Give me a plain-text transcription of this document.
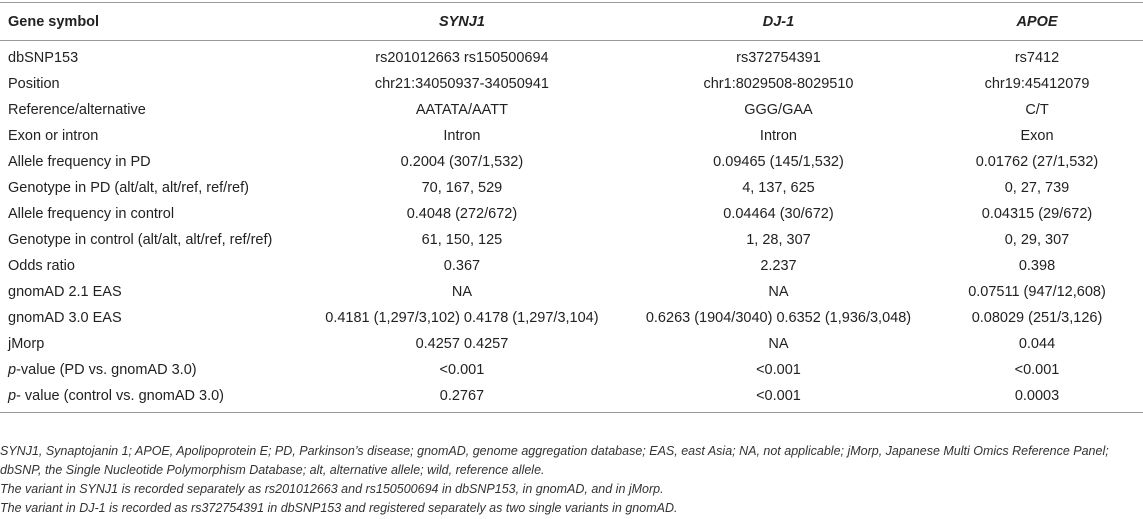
Gene symbol	SYNJ1	DJ-1	APOE
dbSNP153	rs201012663 rs150500694	rs372754391	rs7412
Position	chr21:34050937-34050941	chr1:8029508-8029510	chr19:45412079
Reference/alternative	AATATA/AATT	GGG/GAA	C/T
Exon or intron	Intron	Intron	Exon
Allele frequency in PD	0.2004 (307/1,532)	0.09465 (145/1,532)	0.01762 (27/1,532)
Genotype in PD (alt/alt, alt/ref, ref/ref)	70, 167, 529	4, 137, 625	0, 27, 739
Allele frequency in control	0.4048 (272/672)	0.04464 (30/672)	0.04315 (29/672)
Genotype in control (alt/alt, alt/ref, ref/ref)	61, 150, 125	1, 28, 307	0, 29, 307
Odds ratio	0.367	2.237	0.398
gnomAD 2.1 EAS	NA	NA	0.07511 (947/12,608)
gnomAD 3.0 EAS	0.4181 (1,297/3,102) 0.4178 (1,297/3,104)	0.6263 (1904/3040) 0.6352 (1,936/3,048)	0.08029 (251/3,126)
jMorp	0.4257 0.4257	NA	0.044
p-value (PD vs. gnomAD 3.0)	<0.001	<0.001	<0.001
p- value (control vs. gnomAD 3.0)	0.2767	<0.001	0.0003

SYNJ1, Synaptojanin 1; APOE, Apolipoprotein E; PD, Parkinson’s disease; gnomAD, genome aggregation database; EAS, east Asia; NA, not applicable; jMorp, Japanese Multi Omics Reference Panel; dbSNP, the Single Nucleotide Polymorphism Database; alt, alternative allele; wild, reference allele.

The variant in SYNJ1 is recorded separately as rs201012663 and rs150500694 in dbSNP153, in gnomAD, and in jMorp.

The variant in DJ-1 is recorded as rs372754391 in dbSNP153 and registered separately as two single variants in gnomAD.
